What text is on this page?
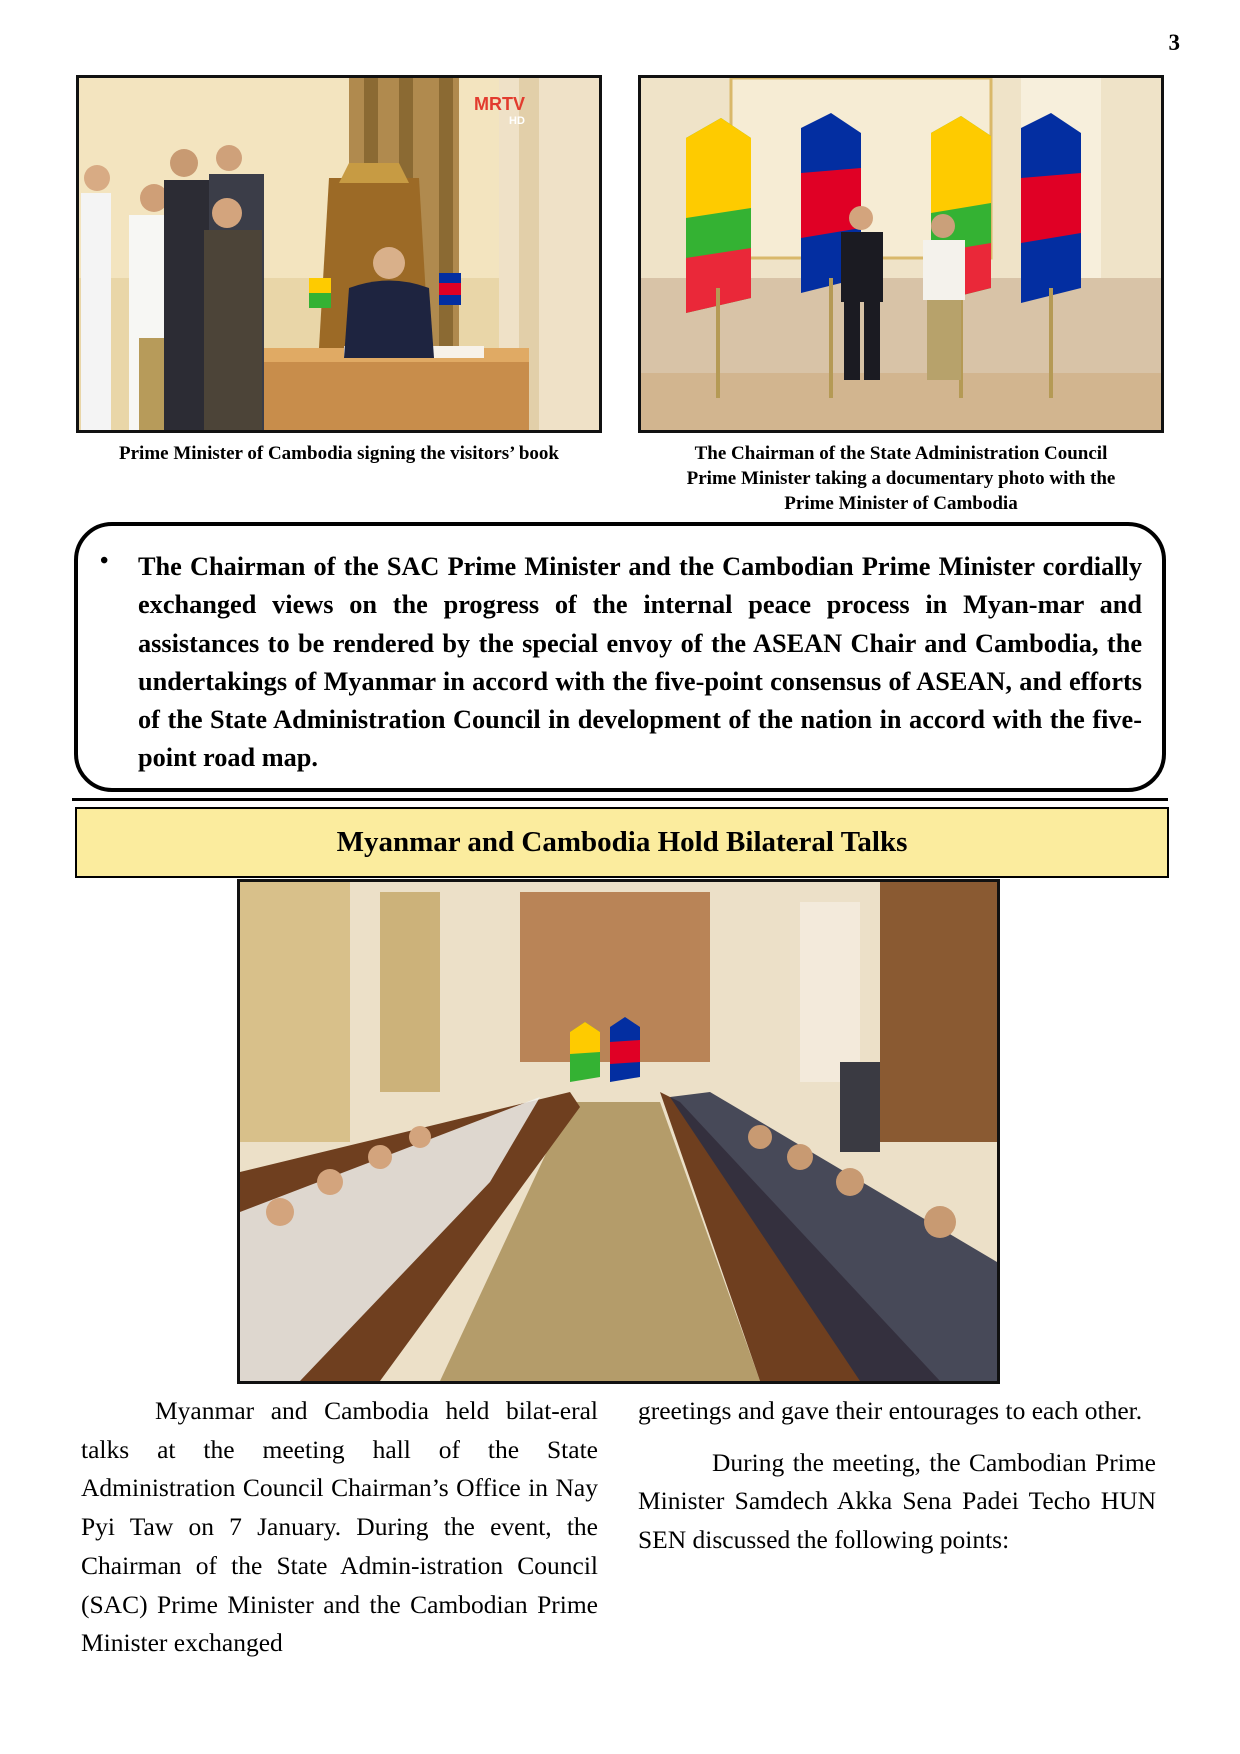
3
MRTV
HD
Prime Minister of Cambodia signing the visitors’ book	The Chairman of the State Administration Council
Prime Minister taking a documentary photo with the
Prime Minister of Cambodia
• The Chairman of the SAC Prime Minister and the Cambodian Prime Minister cordially exchanged views on the progress of the internal peace process in Myan-mar and assistances to be rendered by the special envoy of the ASEAN Chair and Cambodia, the undertakings of Myanmar in accord with the five-point consensus of ASEAN, and efforts of the State Administration Council in development of the nation in accord with the five-point road map.

Myanmar and Cambodia Hold Bilateral Talks

Myanmar and Cambodia held bilat-eral talks at the meeting hall of the State Administration Council Chairman’s Office in Nay Pyi Taw on 7 January. During the event, the Chairman of the State Admin-istration Council (SAC) Prime Minister and the Cambodian Prime Minister exchanged

greetings and gave their entourages to each other.

During the meeting, the Cambodian Prime Minister Samdech Akka Sena Padei Techo HUN SEN discussed the following points:
